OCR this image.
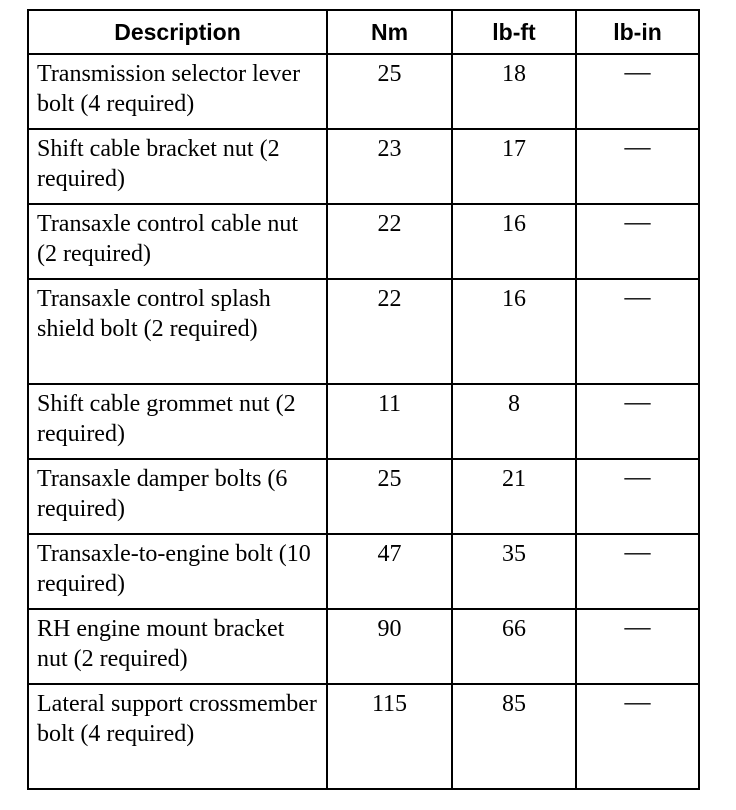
Description	Nm	lb-ft	lb-in
Transmission selector lever bolt (4 required)	25	18	—
Shift cable bracket nut (2 required)	23	17	—
Transaxle control cable nut (2 required)	22	16	—
Transaxle control splash shield bolt (2 required)	22	16	—
Shift cable grommet nut (2 required)	11	8	—
Transaxle damper bolts (6 required)	25	21	—
Transaxle-to-engine bolt (10 required)	47	35	—
RH engine mount bracket nut (2 required)	90	66	—
Lateral support crossmember bolt (4 required)	115	85	—
